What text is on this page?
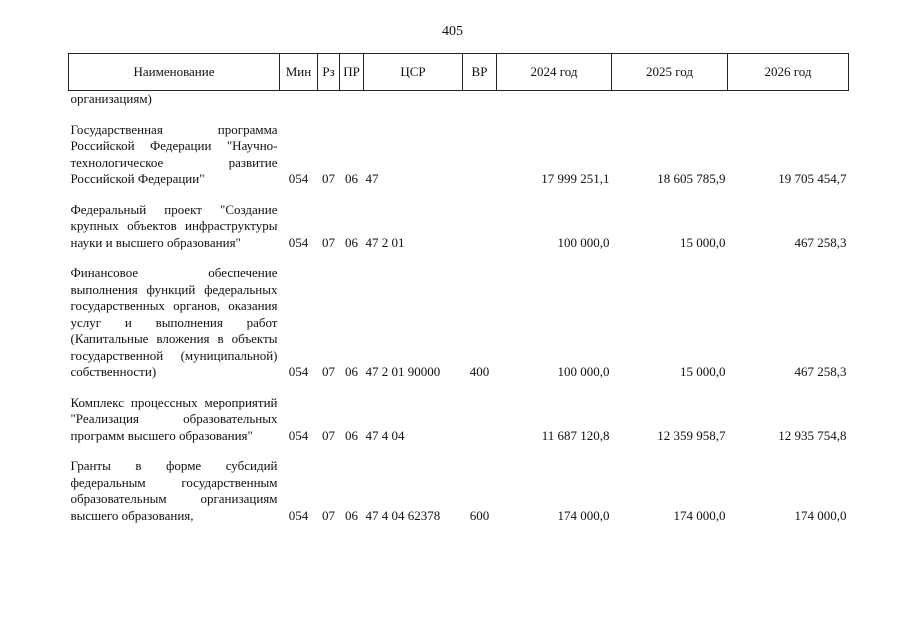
405
Наименование	Мин	Рз	ПР	ЦСР	ВР	2024 год	2025 год	2026 год
организациям)								
Государственная программа Российской Федерации "Научно-технологическое развитие Российской Федерации"	054	07	06	47		17 999 251,1	18 605 785,9	19 705 454,7
Федеральный проект "Создание крупных объектов инфраструктуры науки и высшего образования"	054	07	06	47 2 01		100 000,0	15 000,0	467 258,3
Финансовое обеспечение выполнения функций федеральных государственных органов, оказания услуг и выполнения работ (Капитальные вложения в объекты государственной (муниципальной) собственности)	054	07	06	47 2 01 90000	400	100 000,0	15 000,0	467 258,3
Комплекс процессных мероприятий "Реализация образовательных программ высшего образования"	054	07	06	47 4 04		11 687 120,8	12 359 958,7	12 935 754,8
Гранты в форме субсидий федеральным государственным образовательным организациям высшего образования,	054	07	06	47 4 04 62378	600	174 000,0	174 000,0	174 000,0
